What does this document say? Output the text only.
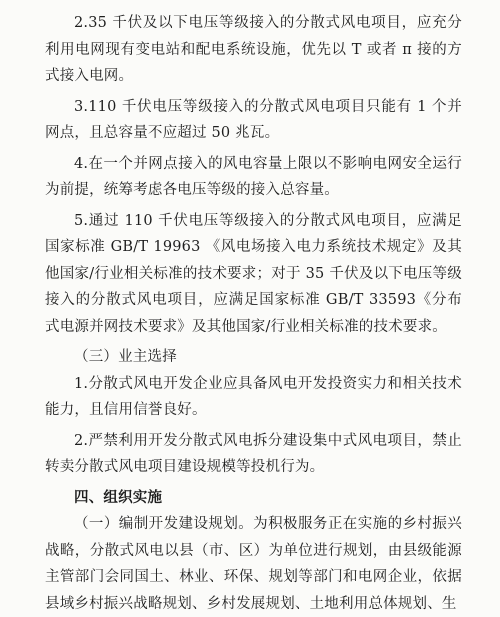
2.35 千伏及以下电压等级接入的分散式风电项目，应充分利用电网现有变电站和配电系统设施，优先以 T 或者 π 接的方式接入电网。

3.110 千伏电压等级接入的分散式风电项目只能有 1 个并网点，且总容量不应超过 50 兆瓦。

4.在一个并网点接入的风电容量上限以不影响电网安全运行为前提，统筹考虑各电压等级的接入总容量。

5.通过 110 千伏电压等级接入的分散式风电项目，应满足国家标准 GB/T 19963 《风电场接入电力系统技术规定》及其他国家/行业相关标准的技术要求；对于 35 千伏及以下电压等级接入的分散式风电项目，应满足国家标准 GB/T 33593《分布式电源并网技术要求》及其他国家/行业相关标准的技术要求。

（三）业主选择

1.分散式风电开发企业应具备风电开发投资实力和相关技术能力，且信用信誉良好。

2.严禁利用开发分散式风电拆分建设集中式风电项目，禁止转卖分散式风电项目建设规模等投机行为。

四、组织实施

（一）编制开发建设规划。为积极服务正在实施的乡村振兴战略，分散式风电以县（市、区）为单位进行规划，由县级能源主管部门会同国土、林业、环保、规划等部门和电网企业，依据县域乡村振兴战略规划、乡村发展规划、土地利用总体规划、生
